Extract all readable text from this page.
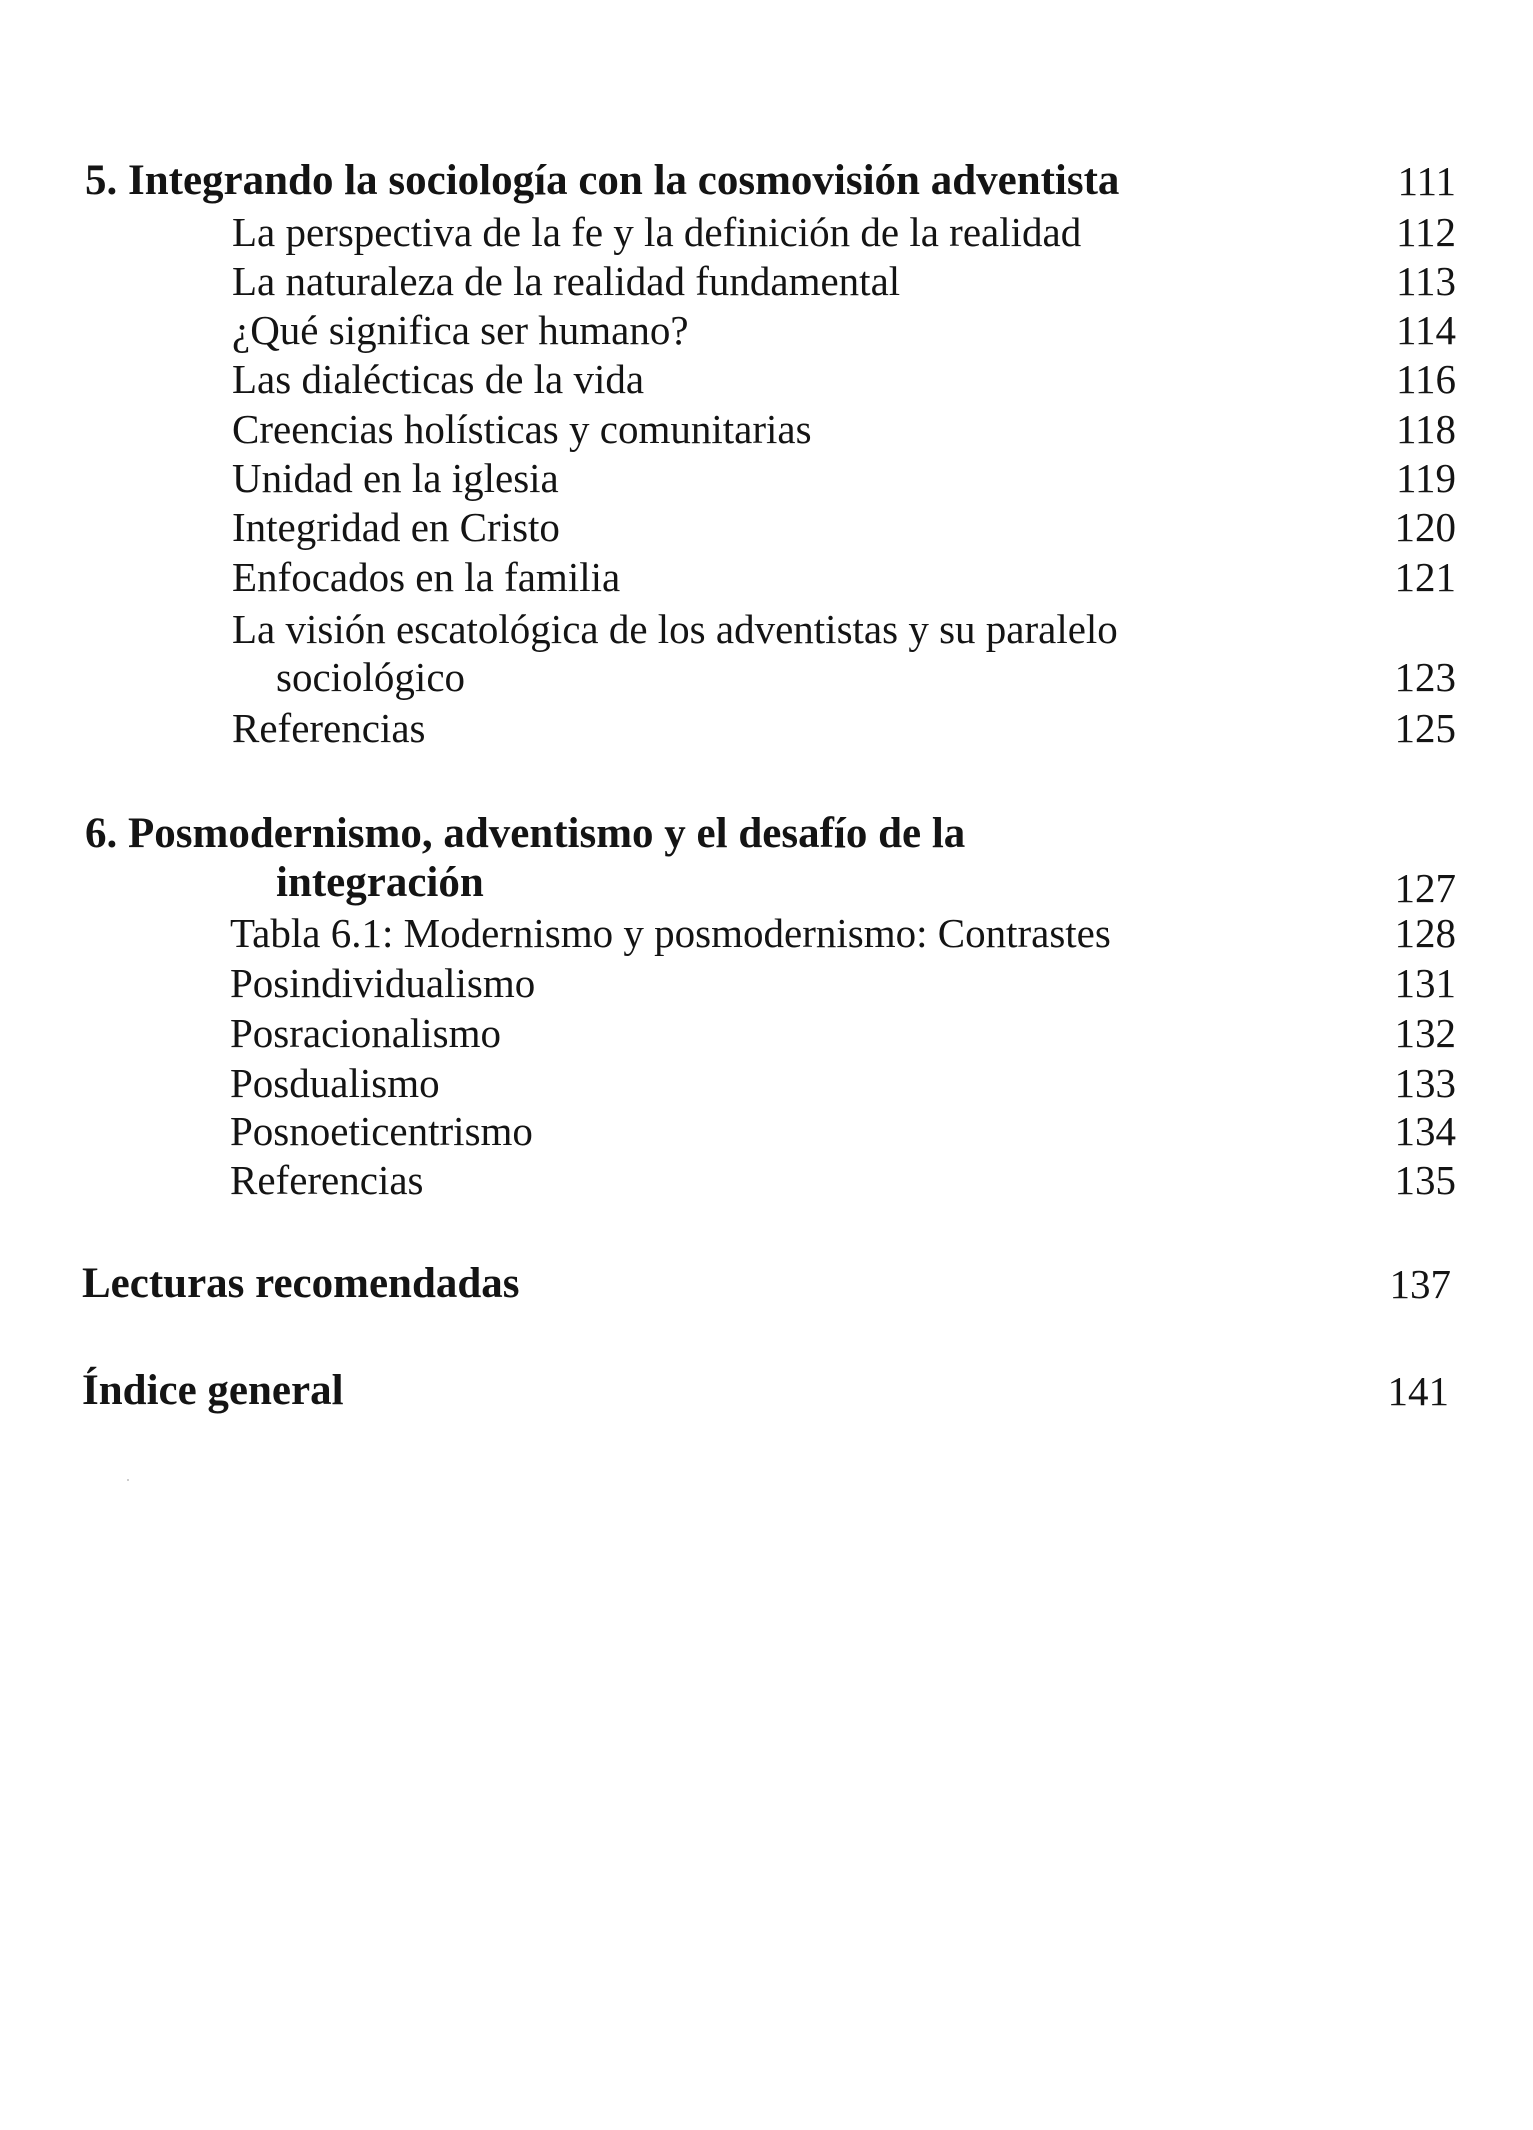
5. Integrando la sociología con la cosmovisión adventista	111
La perspectiva de la fe y la definición de la realidad	112
La naturaleza de la realidad fundamental	113
¿Qué significa ser humano?	114
Las dialécticas de la vida	116
Creencias holísticas y comunitarias	118
Unidad en la iglesia	119
Integridad en Cristo	120
Enfocados en la familia	121
La visión escatológica de los adventistas y su paralelo
sociológico	123
Referencias	125
6. Posmodernismo, adventismo y el desafío de la
integración	127
Tabla 6.1: Modernismo y posmodernismo: Contrastes	128
Posindividualismo	131
Posracionalismo	132
Posdualismo	133
Posnoeticentrismo	134
Referencias	135
Lecturas recomendadas	137
Índice general	141
